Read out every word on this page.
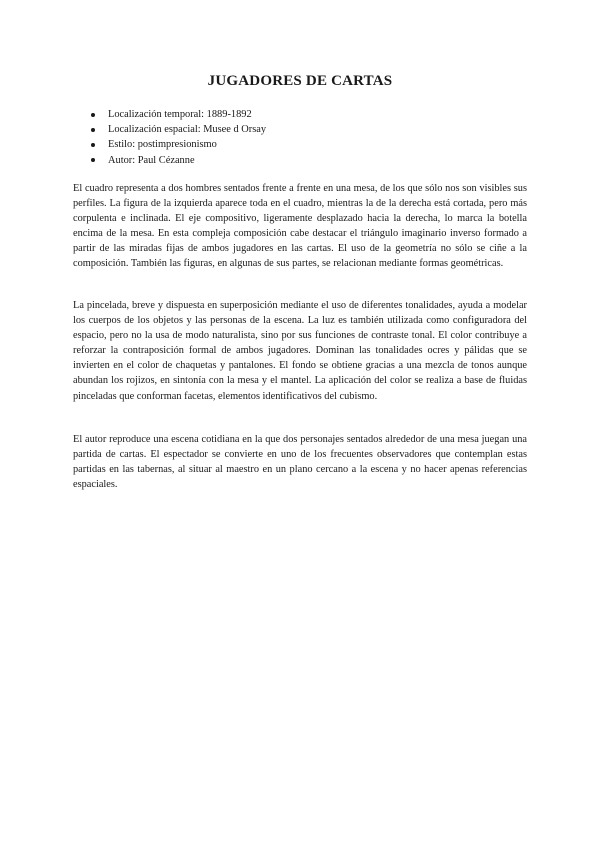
JUGADORES DE CARTAS
Localización temporal: 1889-1892
Localización espacial: Musee d Orsay
Estilo: postimpresionismo
Autor: Paul Cézanne

El cuadro representa a dos hombres sentados frente a frente en una mesa, de los que sólo nos son visibles sus perfiles. La figura de la izquierda aparece toda en el cuadro, mientras la de la derecha está cortada, pero más corpulenta e inclinada. El eje compositivo, ligeramente desplazado hacia la derecha, lo marca la botella encima de la mesa. En esta compleja composición cabe destacar el triángulo imaginario inverso formado a partir de las miradas fijas de ambos jugadores en las cartas. El uso de la geometría no sólo se ciñe a la composición. También las figuras, en algunas de sus partes, se relacionan mediante formas geométricas.

La pincelada, breve y dispuesta en superposición mediante el uso de diferentes tonalidades, ayuda a modelar los cuerpos de los objetos y las personas de la escena. La luz es también utilizada como configuradora del espacio, pero no la usa de modo naturalista, sino por sus funciones de contraste tonal. El color contribuye a reforzar la contraposición formal de ambos jugadores. Dominan las tonalidades ocres y pálidas que se invierten en el color de chaquetas y pantalones. El fondo se obtiene gracias a una mezcla de tonos aunque abundan los rojizos, en sintonía con la mesa y el mantel. La aplicación del color se realiza a base de fluidas pinceladas que conforman facetas, elementos identificativos del cubismo.

El autor reproduce una escena cotidiana en la que dos personajes sentados alrededor de una mesa juegan una partida de cartas. El espectador se convierte en uno de los frecuentes observadores que contemplan estas partidas en las tabernas, al situar al maestro en un plano cercano a la escena y no hacer apenas referencias espaciales.
